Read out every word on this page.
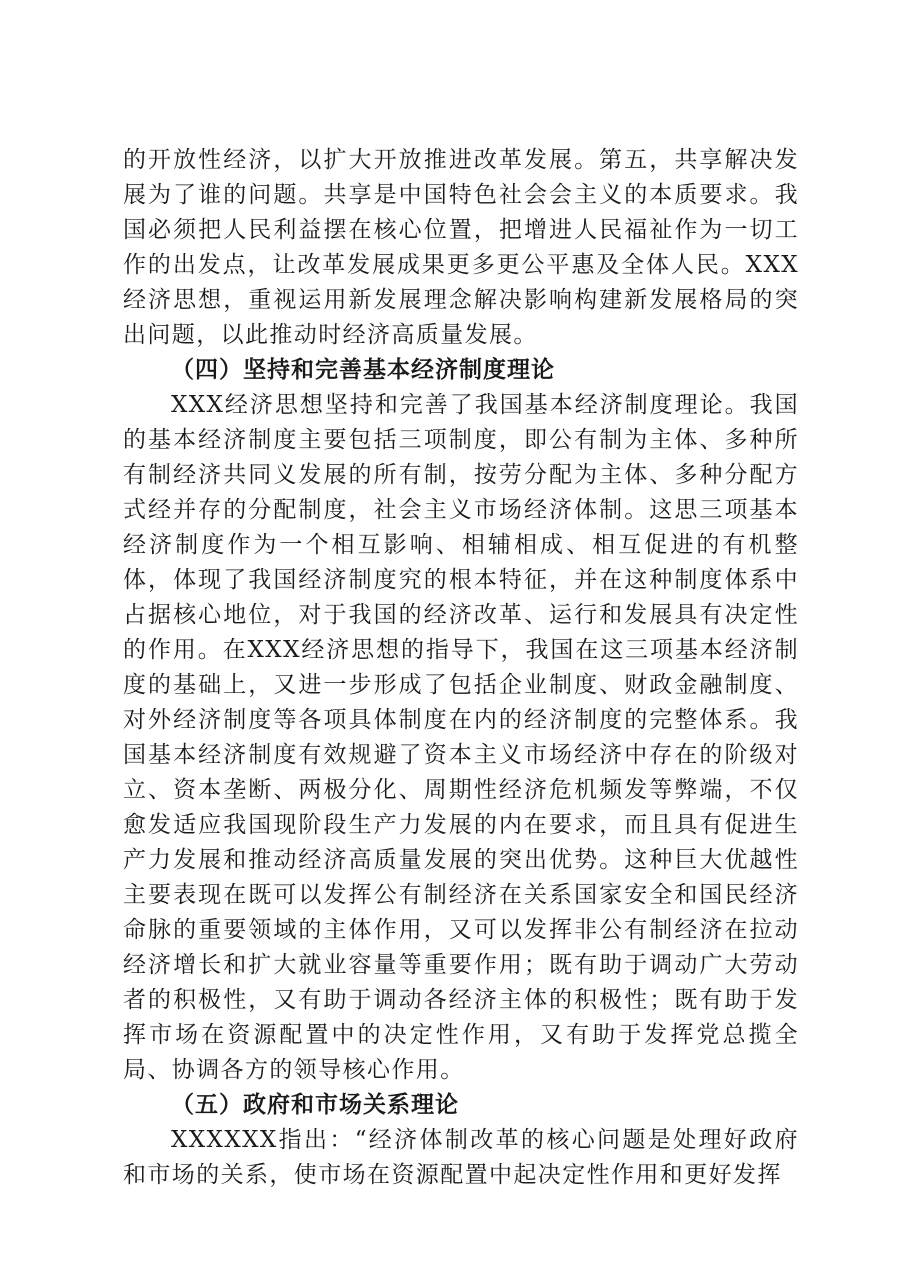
的开放性经济，以扩大开放推进改革发展。第五，共享解决发展为了谁的问题。共享是中国特色社会会主义的本质要求。我国必须把人民利益摆在核心位置，把增进人民福祉作为一切工作的出发点，让改革发展成果更多更公平惠及全体人民。XXX经济思想，重视运用新发展理念解决影响构建新发展格局的突出问题，以此推动时经济高质量发展。

（四）坚持和完善基本经济制度理论

XXX经济思想坚持和完善了我国基本经济制度理论。我国的基本经济制度主要包括三项制度，即公有制为主体、多种所有制经济共同义发展的所有制，按劳分配为主体、多种分配方式经并存的分配制度，社会主义市场经济体制。这思三项基本经济制度作为一个相互影响、相辅相成、相互促进的有机整体，体现了我国经济制度究的根本特征，并在这种制度体系中占据核心地位，对于我国的经济改革、运行和发展具有决定性的作用。在XXX经济思想的指导下，我国在这三项基本经济制度的基础上，又进一步形成了包括企业制度、财政金融制度、对外经济制度等各项具体制度在内的经济制度的完整体系。我国基本经济制度有效规避了资本主义市场经济中存在的阶级对立、资本垄断、两极分化、周期性经济危机频发等弊端，不仅愈发适应我国现阶段生产力发展的内在要求，而且具有促进生产力发展和推动经济高质量发展的突出优势。这种巨大优越性主要表现在既可以发挥公有制经济在关系国家安全和国民经济命脉的重要领域的主体作用，又可以发挥非公有制经济在拉动经济增长和扩大就业容量等重要作用；既有助于调动广大劳动者的积极性，又有助于调动各经济主体的积极性；既有助于发挥市场在资源配置中的决定性作用，又有助于发挥党总揽全局、协调各方的领导核心作用。

（五）政府和市场关系理论

XXXXXX指出：“经济体制改革的核心问题是处理好政府和市场的关系，使市场在资源配置中起决定性作用和更好发挥
